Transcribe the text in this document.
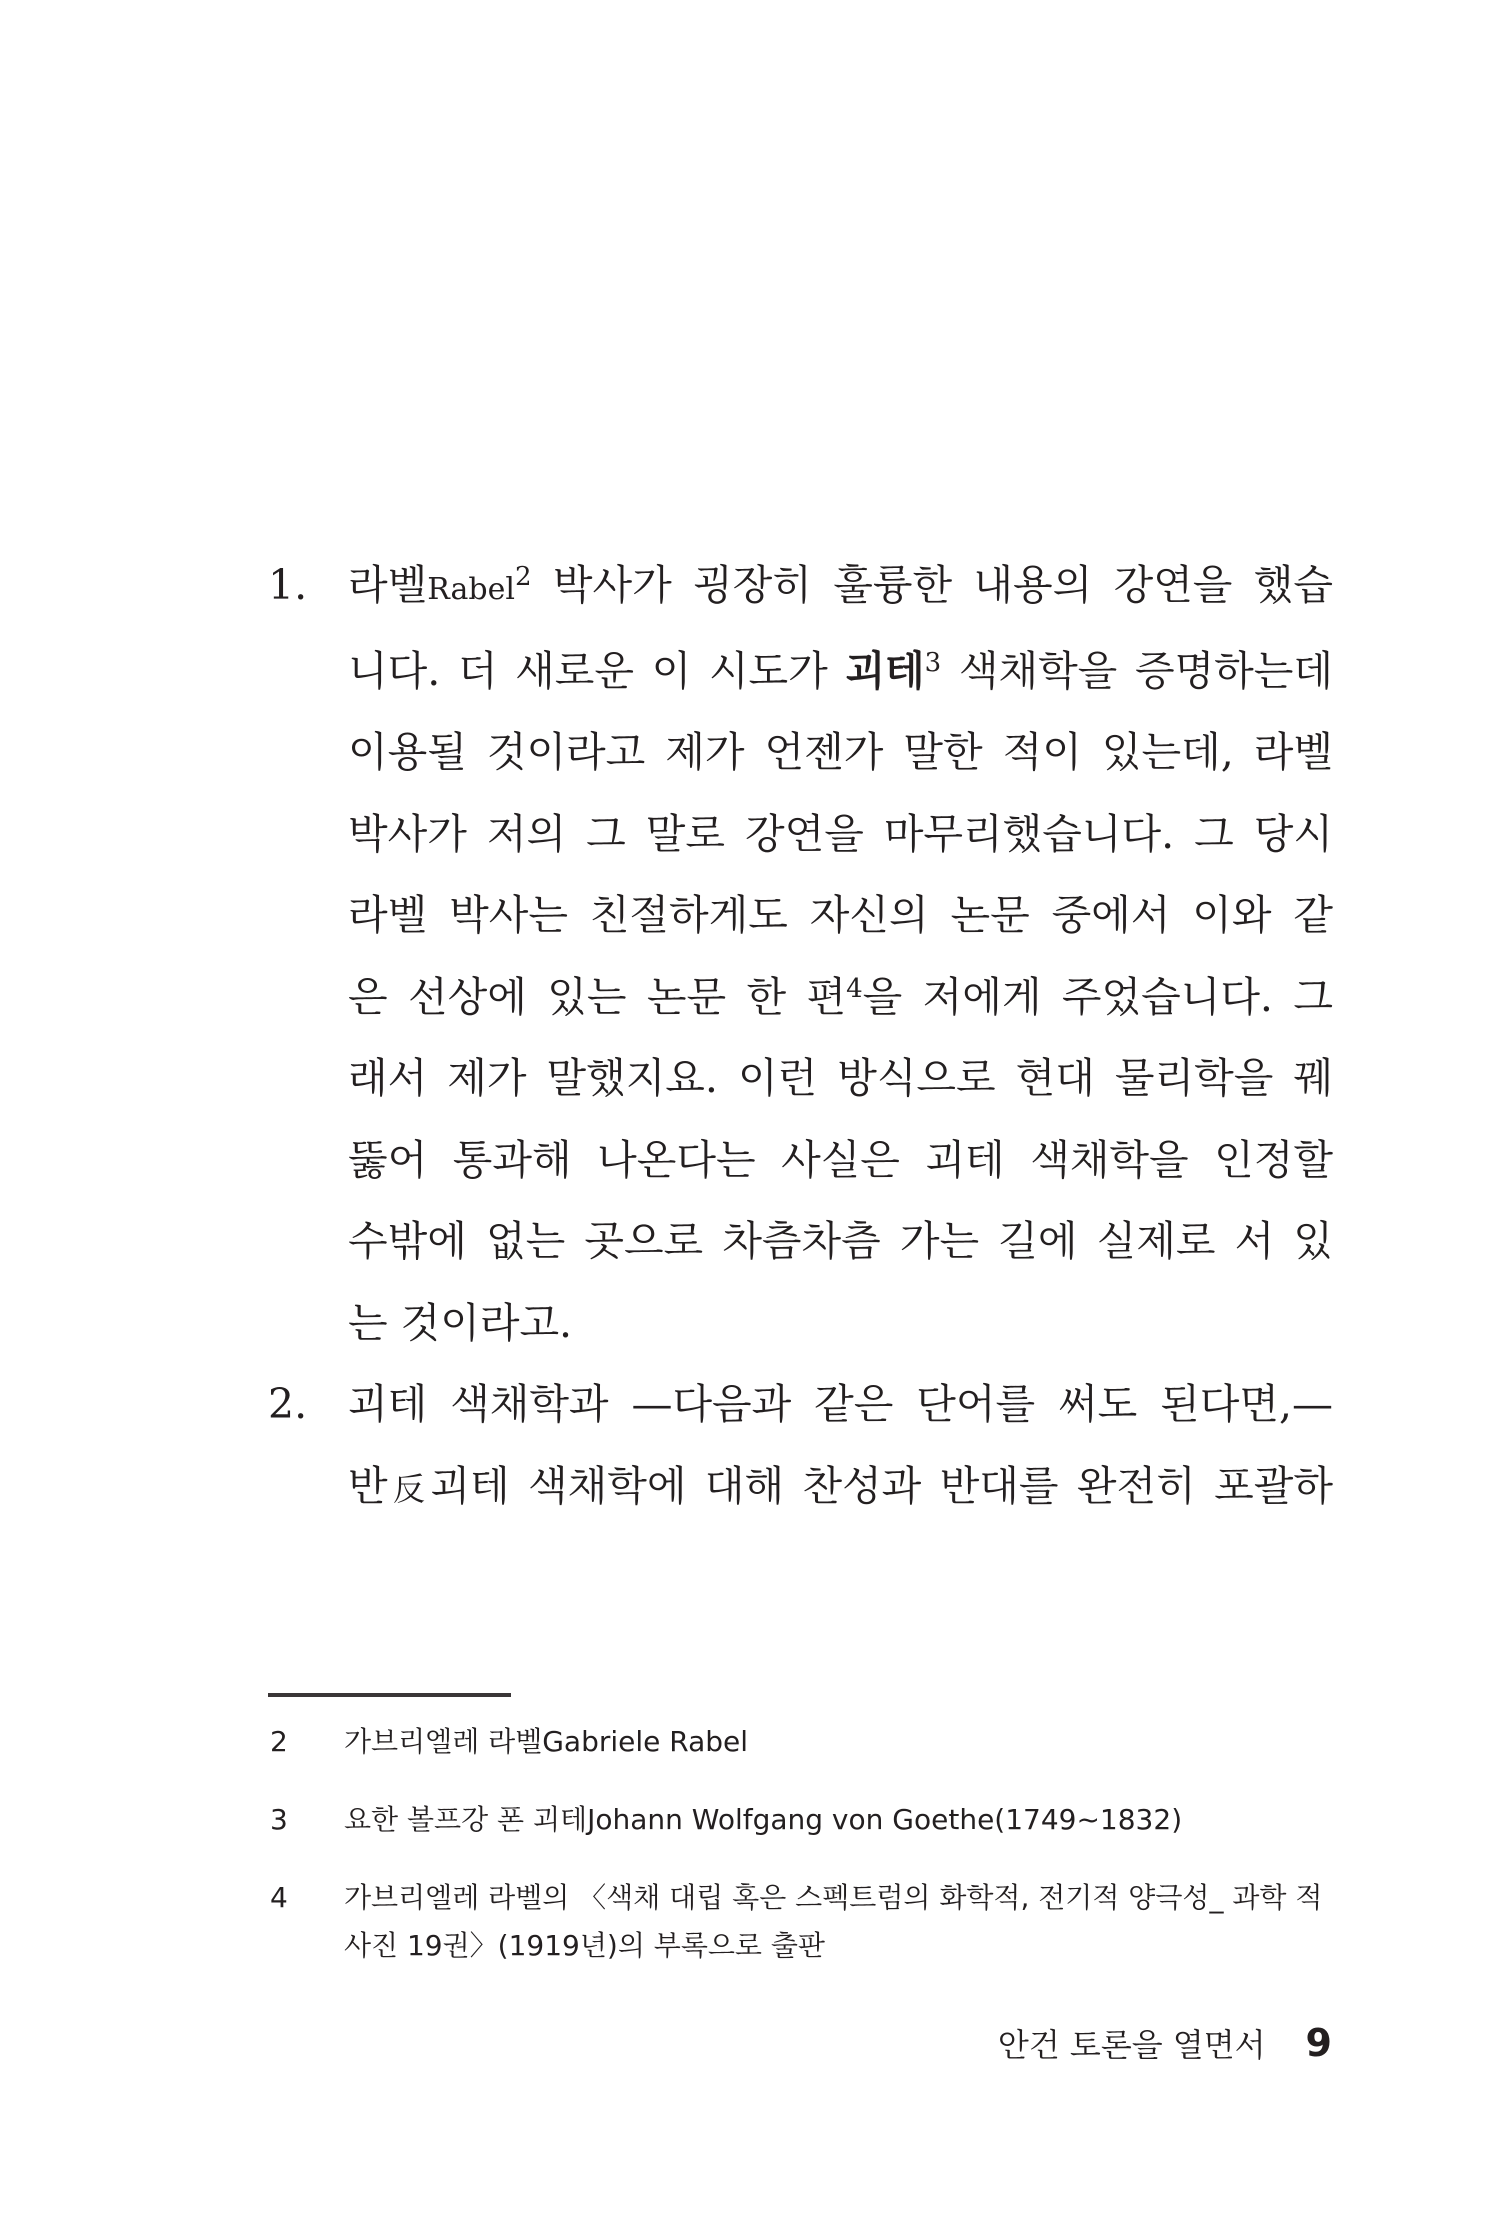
1. 라벨Rabel$^2$ 박사가 굉장히 훌륭한 내용의 강연을 했습
니다. 더 새로운 이 시도가 괴테$^3$ 색채학을 증명하는데
이용될 것이라고 제가 언젠가 말한 적이 있는데, 라벨
박사가 저의 그 말로 강연을 마무리했습니다. 그 당시
라벨 박사는 친절하게도 자신의 논문 중에서 이와 같
은 선상에 있는 논문 한 편$^4$을 저에게 주었습니다. 그
래서 제가 말했지요. 이런 방식으로 현대 물리학을 꿰
뚫어 통과해 나온다는 사실은 괴테 색채학을 인정할
수밖에 없는 곳으로 차츰차츰 가는 길에 실제로 서 있
는 것이라고.
2. 괴테 색채학과 —다음과 같은 단어를 써도 된다면,—
반反괴테 색채학에 대해 찬성과 반대를 완전히 포괄하
2 가브리엘레 라벨Gabriele Rabel
3 요한 볼프강 폰 괴테Johann Wolfgang von Goethe(1749~1832)
4 가브리엘레 라벨의 〈색채 대립 혹은 스펙트럼의 화학적, 전기적 양극성_ 과학 적 사진 19권〉(1919년)의 부록으로 출판
안건 토론을 열면서 9
